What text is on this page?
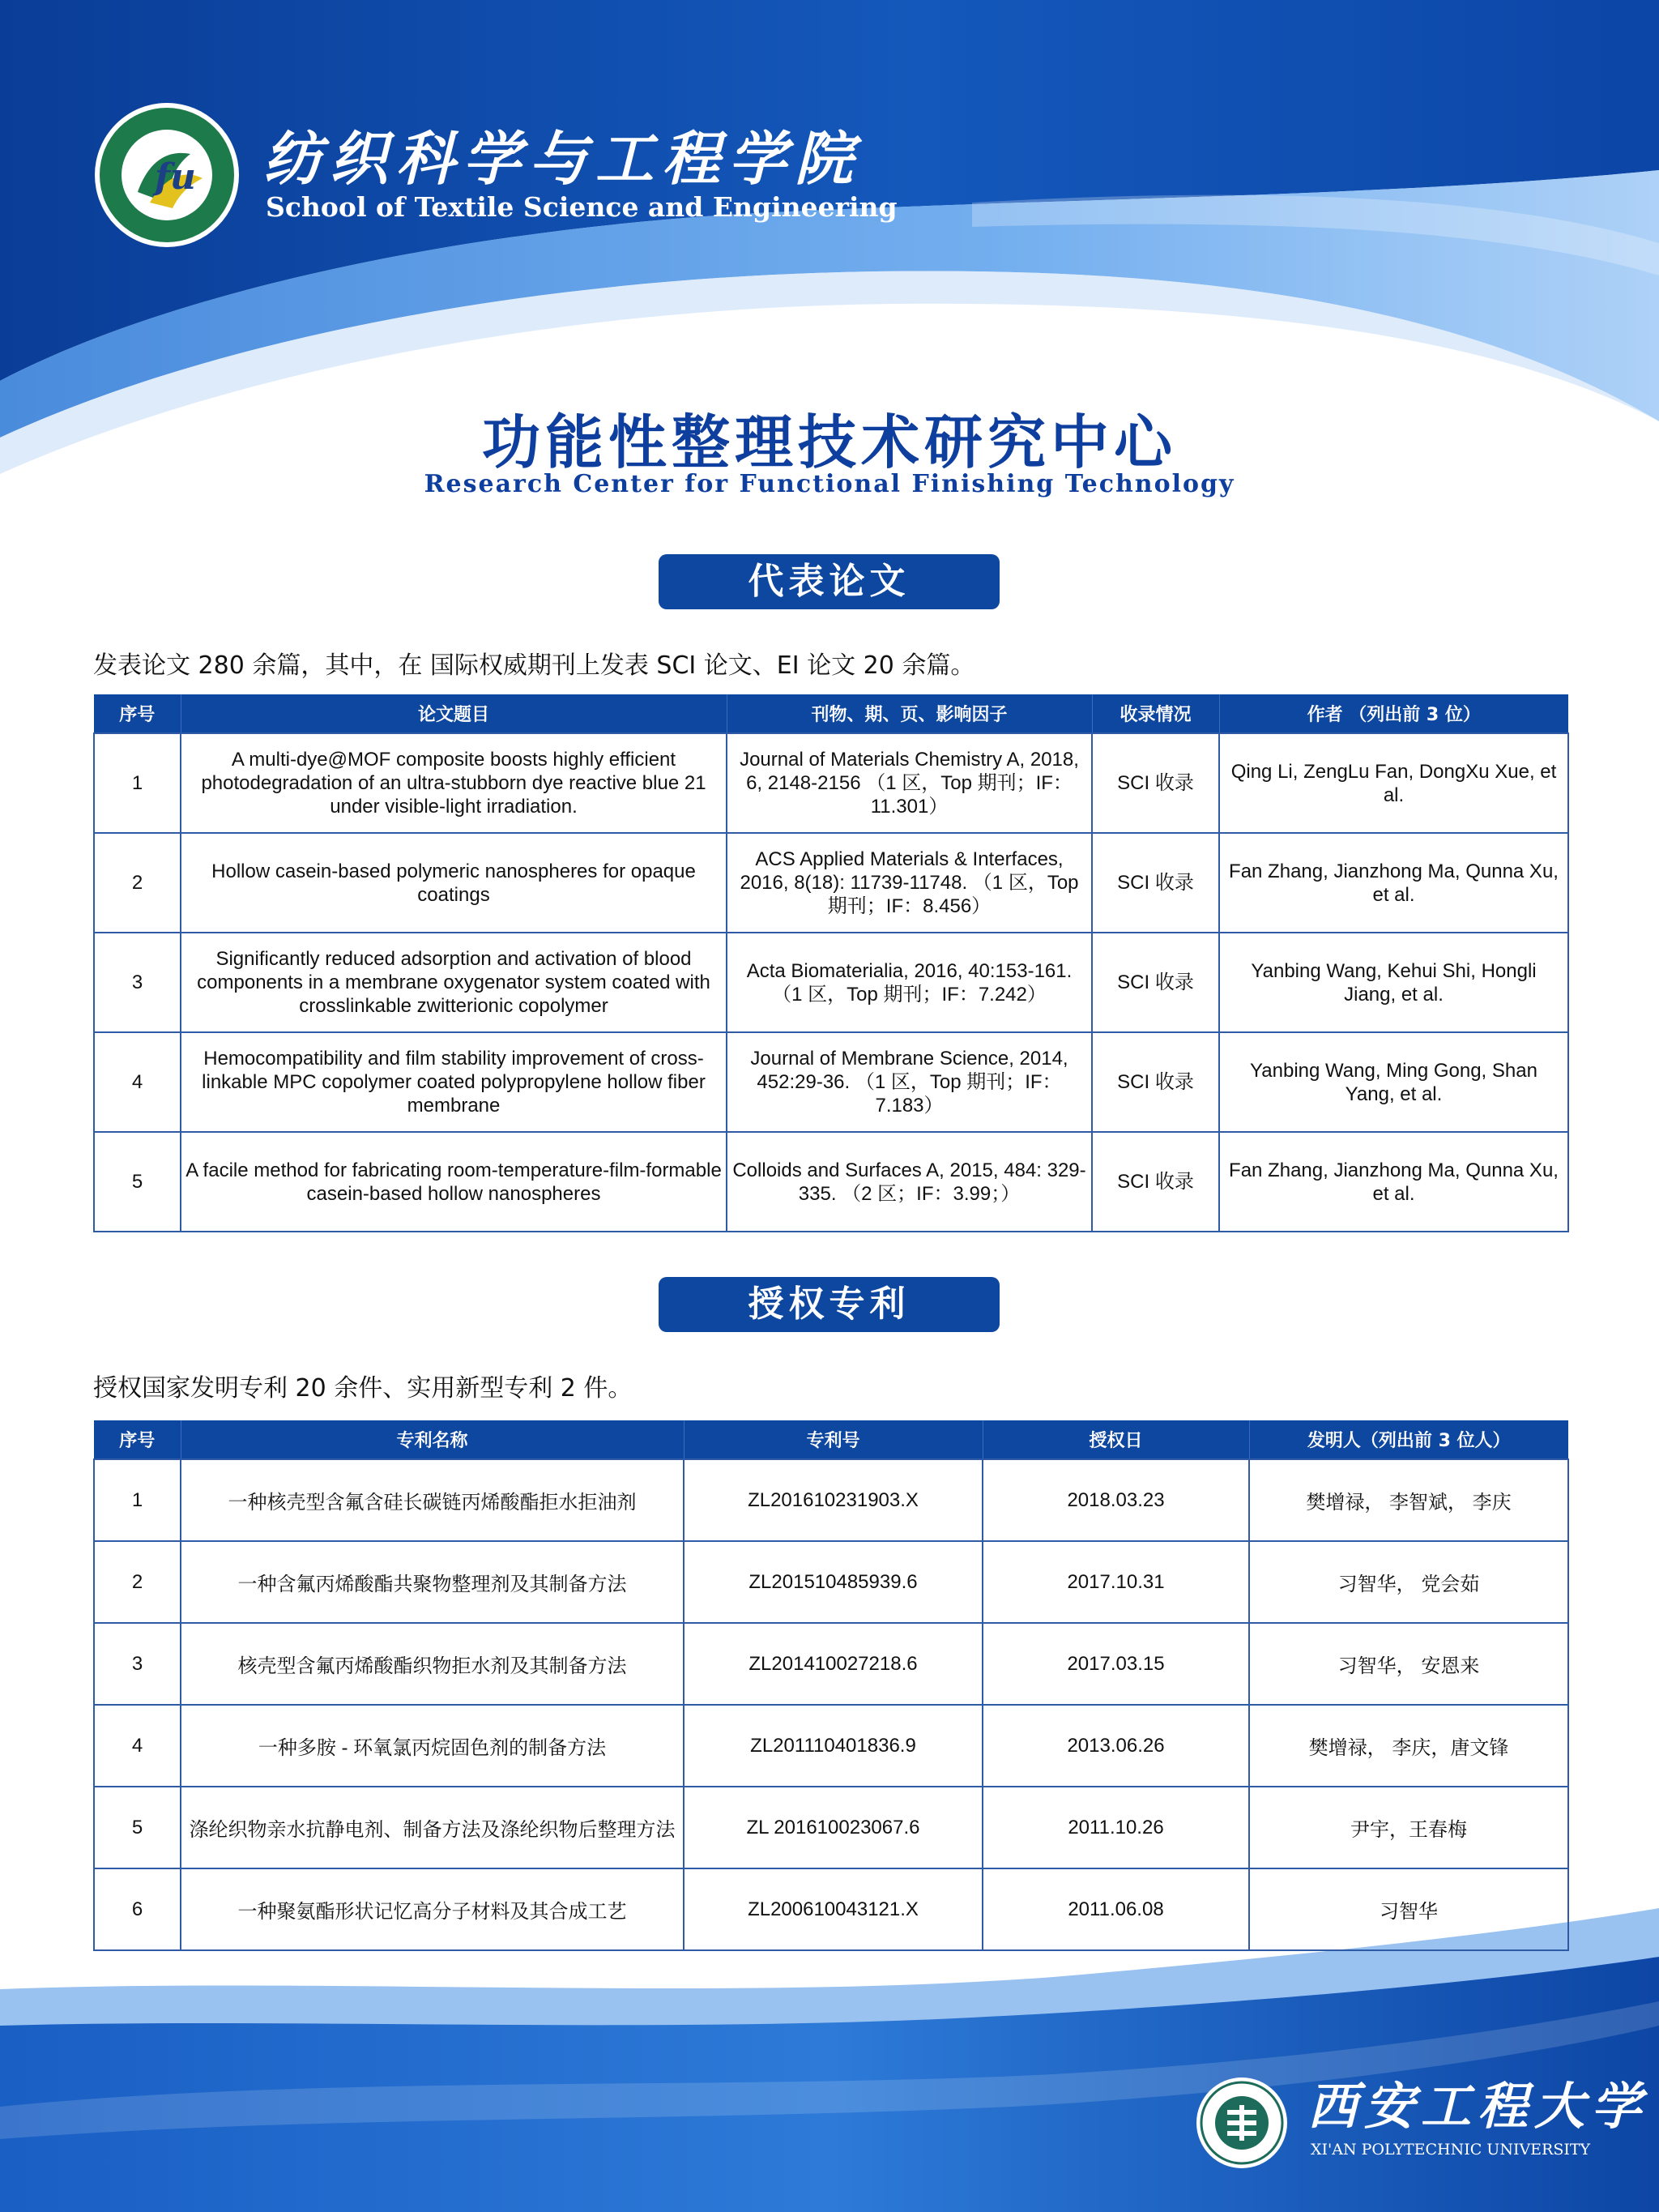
fu 纺织科学与工程学院
School of Textile Science and Engineering
功能性整理技术研究中心
Research Center for Functional Finishing Technology
代表论文
发表论文 280 余篇，其中，在 国际权威期刊上发表 SCI 论文、EI 论文 20 余篇。
序号	论文题目	刊物、期、页、影响因子	收录情况	作者 （列出前 3 位）
1	A multi-dye@MOF composite boosts highly efficient photodegradation of an ultra-stubborn dye reactive blue 21 under visible-light irradiation.	Journal of Materials Chemistry A, 2018, 6, 2148-2156 （1 区，Top 期刊；IF：11.301）	SCI 收录	Qing Li, ZengLu Fan, DongXu Xue, et al.
2	Hollow casein-based polymeric nanospheres for opaque coatings	ACS Applied Materials & Interfaces, 2016, 8(18): 11739-11748. （1 区，Top 期刊；IF：8.456）	SCI 收录	Fan Zhang, Jianzhong Ma, Qunna Xu, et al.
3	Significantly reduced adsorption and activation of blood components in a membrane oxygenator system coated with crosslinkable zwitterionic copolymer	Acta Biomaterialia, 2016, 40:153-161. （1 区，Top 期刊；IF：7.242）	SCI 收录	Yanbing Wang, Kehui Shi, Hongli Jiang, et al.
4	Hemocompatibility and film stability improvement of cross-linkable MPC copolymer coated polypropylene hollow fiber membrane	Journal of Membrane Science, 2014, 452:29-36. （1 区，Top 期刊；IF：7.183）	SCI 收录	Yanbing Wang, Ming Gong, Shan Yang, et al.
5	A facile method for fabricating room-temperature-film-formable casein-based hollow nanospheres	Colloids and Surfaces A, 2015, 484: 329-335. （2 区；IF：3.99；）	SCI 收录	Fan Zhang, Jianzhong Ma, Qunna Xu, et al.
授权专利
授权国家发明专利 20 余件、实用新型专利 2 件。
序号	专利名称	专利号	授权日	发明人（列出前 3 位人）
1	一种核壳型含氟含硅长碳链丙烯酸酯拒水拒油剂	ZL201610231903.X	2018.03.23	樊增禄， 李智斌， 李庆
2	一种含氟丙烯酸酯共聚物整理剂及其制备方法	ZL201510485939.6	2017.10.31	习智华， 党会茹
3	核壳型含氟丙烯酸酯织物拒水剂及其制备方法	ZL201410027218.6	2017.03.15	习智华， 安恩来
4	一种多胺 - 环氧氯丙烷固色剂的制备方法	ZL201110401836.9	2013.06.26	樊增禄， 李庆，唐文锋
5	涤纶织物亲水抗静电剂、制备方法及涤纶织物后整理方法	ZL 201610023067.6	2011.10.26	尹宇，王春梅
6	一种聚氨酯形状记忆高分子材料及其合成工艺	ZL200610043121.X	2011.06.08	习智华
西安工程大学
XI'AN POLYTECHNIC UNIVERSITY
